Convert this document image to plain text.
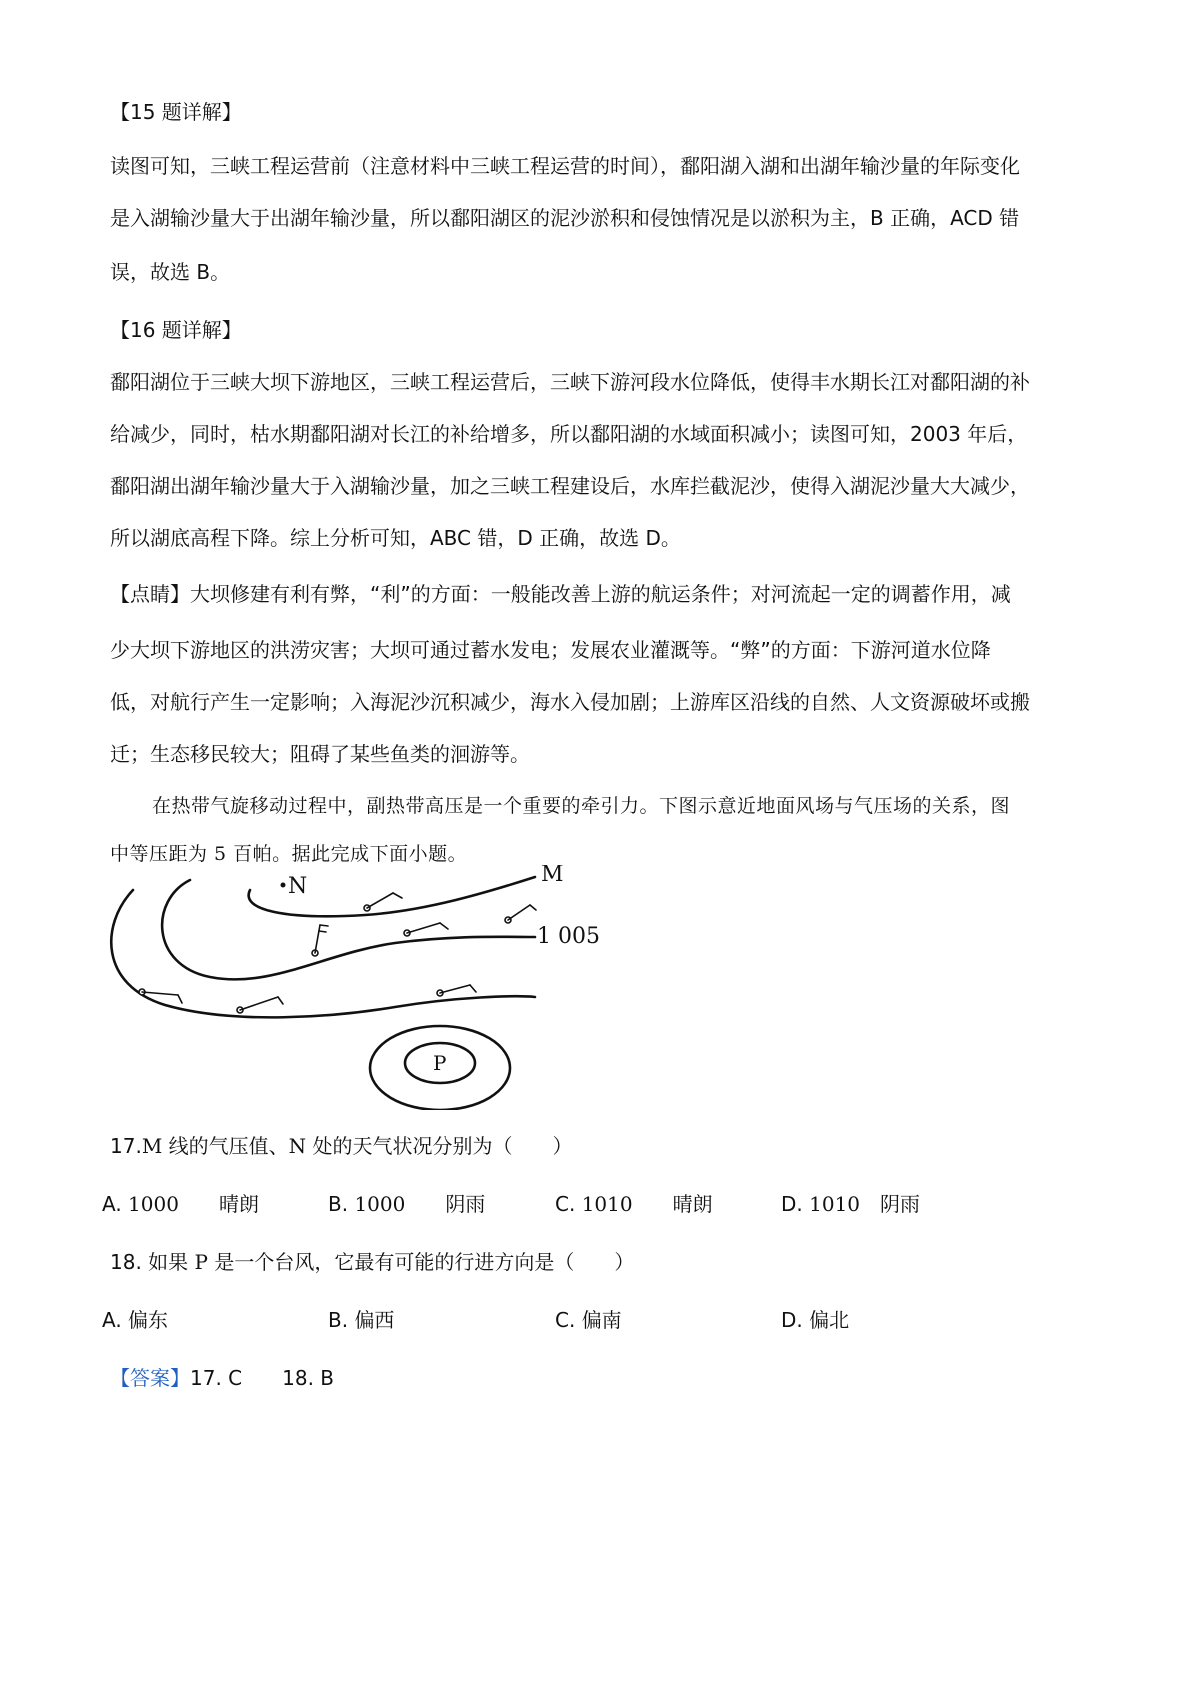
【15 题详解】
读图可知，三峡工程运营前（注意材料中三峡工程运营的时间），鄱阳湖入湖和出湖年输沙量的年际变化
是入湖输沙量大于出湖年输沙量，所以鄱阳湖区的泥沙淤积和侵蚀情况是以淤积为主，B 正确，ACD 错
误，故选 B。
【16 题详解】
鄱阳湖位于三峡大坝下游地区，三峡工程运营后，三峡下游河段水位降低，使得丰水期长江对鄱阳湖的补
给减少，同时，枯水期鄱阳湖对长江的补给增多，所以鄱阳湖的水域面积减小；读图可知，2003 年后，
鄱阳湖出湖年输沙量大于入湖输沙量，加之三峡工程建设后，水库拦截泥沙，使得入湖泥沙量大大减少，
所以湖底高程下降。综上分析可知，ABC 错，D 正确，故选 D。
【点睛】大坝修建有利有弊，“利”的方面：一般能改善上游的航运条件；对河流起一定的调蓄作用，减
少大坝下游地区的洪涝灾害；大坝可通过蓄水发电；发展农业灌溉等。“弊”的方面：下游河道水位降
低，对航行产生一定影响；入海泥沙沉积减少，海水入侵加剧；上游库区沿线的自然、人文资源破坏或搬
迁；生态移民较大；阻碍了某些鱼类的洄游等。
在热带气旋移动过程中，副热带高压是一个重要的牵引力。下图示意近地面风场与气压场的关系，图
中等压距为 5 百帕。据此完成下面小题。
N	M
1 005
P
17.M 线的气压值、N 处的天气状况分别为（　　）
A. 1000　　晴朗	B. 1000　　阴雨	C. 1010　　晴朗	D. 1010　阴雨
18. 如果 P 是一个台风，它最有可能的行进方向是（　　）
A. 偏东	B. 偏西	C. 偏南	D. 偏北
【答案】17. C　　18. B
